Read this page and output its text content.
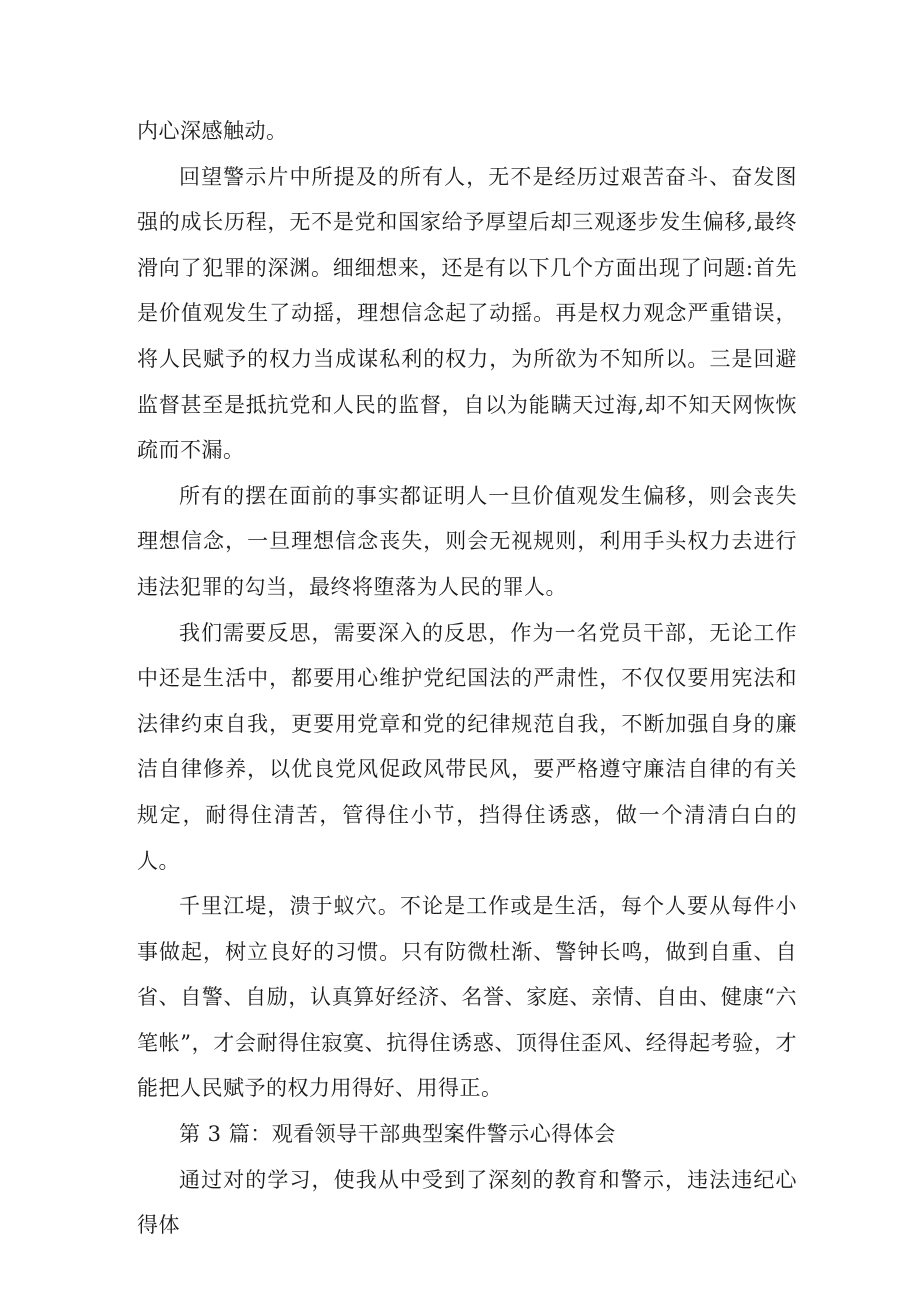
内心深感触动。

回望警示片中所提及的所有人，无不是经历过艰苦奋斗、奋发图强的成长历程，无不是党和国家给予厚望后却三观逐步发生偏移,最终滑向了犯罪的深渊。细细想来，还是有以下几个方面出现了问题:首先是价值观发生了动摇，理想信念起了动摇。再是权力观念严重错误，将人民赋予的权力当成谋私利的权力，为所欲为不知所以。三是回避监督甚至是抵抗党和人民的监督，自以为能瞒天过海,却不知天网恢恢疏而不漏。

所有的摆在面前的事实都证明人一旦价值观发生偏移，则会丧失理想信念，一旦理想信念丧失，则会无视规则，利用手头权力去进行违法犯罪的勾当，最终将堕落为人民的罪人。

我们需要反思，需要深入的反思，作为一名党员干部，无论工作中还是生活中，都要用心维护党纪国法的严肃性，不仅仅要用宪法和法律约束自我，更要用党章和党的纪律规范自我，不断加强自身的廉洁自律修养，以优良党风促政风带民风，要严格遵守廉洁自律的有关规定，耐得住清苦，管得住小节，挡得住诱惑，做一个清清白白的人。

千里江堤，溃于蚁穴。不论是工作或是生活，每个人要从每件小事做起，树立良好的习惯。只有防微杜渐、警钟长鸣，做到自重、自省、自警、自励，认真算好经济、名誉、家庭、亲情、自由、健康“六笔帐”，才会耐得住寂寞、抗得住诱惑、顶得住歪风、经得起考验，才能把人民赋予的权力用得好、用得正。

第 3 篇：观看领导干部典型案件警示心得体会

通过对的学习，使我从中受到了深刻的教育和警示，违法违纪心得体
